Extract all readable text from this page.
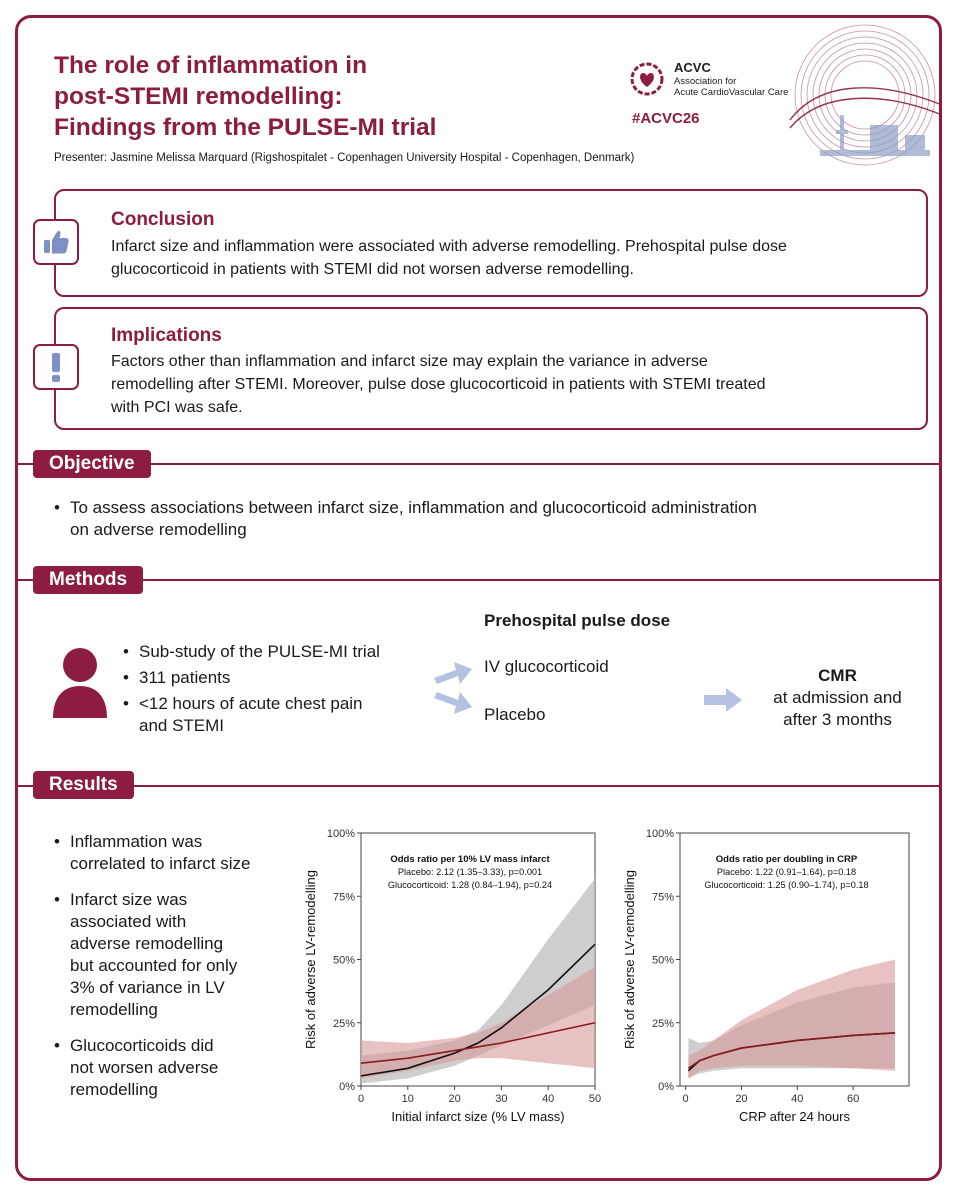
The role of inflammation in
post-STEMI remodelling:
Findings from the PULSE-MI trial
Presenter: Jasmine Melissa Marquard (Rigshospitalet - Copenhagen University Hospital - Copenhagen, Denmark)
ACVC
Association for
Acute CardioVascular Care
#ACVC26
Conclusion

Infarct size and inflammation were associated with adverse remodelling. Prehospital pulse dose
glucocorticoid in patients with STEMI did not worsen adverse remodelling.

Implications

Factors other than inflammation and infarct size may explain the variance in adverse
remodelling after STEMI. Moreover, pulse dose glucocorticoid in patients with STEMI treated
with PCI was safe.

Objective
• To assess associations between infarct size, inflammation and glucocorticoid administration
on adverse remodelling
Methods
• Sub-study of the PULSE-MI trial
• 311 patients
• <12 hours of acute chest pain
and STEMI
Prehospital pulse dose
IV glucocorticoid
Placebo
CMR
at admission and
after 3 months
Results
• Inflammation was
correlated to infarct size
• Infarct size was
associated with
adverse remodelling
but accounted for only
3% of variance in LV
remodelling
• Glucocorticoids did
not worsen adverse
remodelling	0%
25%
50%
75%
100%
0	10	20	30	40	50
Initial infarct size (% LV mass)
Risk of adverse LV-remodelling
Odds ratio per 10% LV mass infarct
Placebo: 2.12 (1.35–3.33), p=0.001
Glucocorticoid: 1.28 (0.84–1.94), p=0.24
0%
25%
50%
75%
100%
0	20	40	60
CRP after 24 hours
Risk of adverse LV-remodelling
Odds ratio per doubling in CRP
Placebo: 1.22 (0.91–1.64), p=0.18
Glucocorticoid: 1.25 (0.90–1.74), p=0.18
